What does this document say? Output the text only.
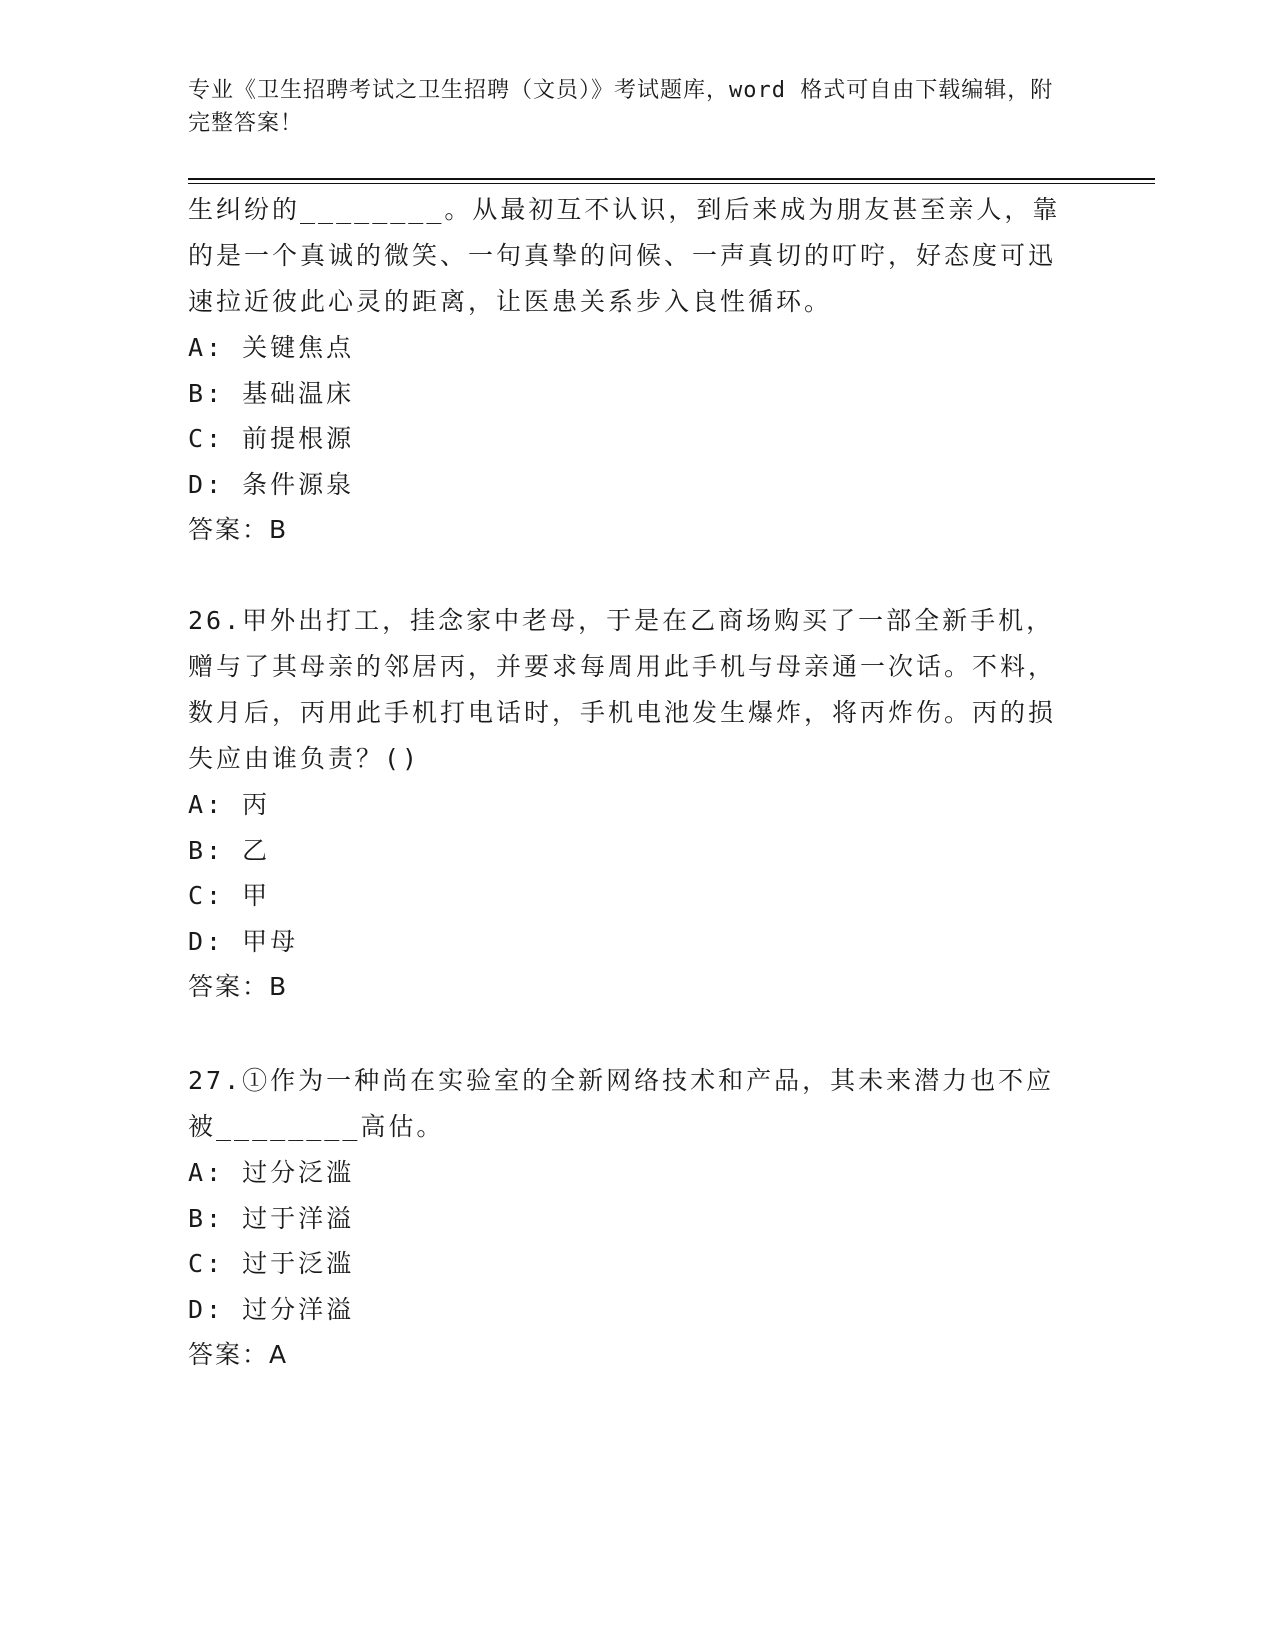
专业《卫生招聘考试之卫生招聘（文员）》考试题库，word 格式可自由下载编辑，附完整答案！

生纠纷的________。从最初互不认识，到后来成为朋友甚至亲人，靠的是一个真诚的微笑、一句真挚的问候、一声真切的叮咛，好态度可迅速拉近彼此心灵的距离，让医患关系步入良性循环。

A: 关键焦点

B: 基础温床

C: 前提根源

D: 条件源泉

答案：B

26.甲外出打工，挂念家中老母，于是在乙商场购买了一部全新手机，赠与了其母亲的邻居丙，并要求每周用此手机与母亲通一次话。不料，数月后，丙用此手机打电话时，手机电池发生爆炸，将丙炸伤。丙的损失应由谁负责？()

A: 丙

B: 乙

C: 甲

D: 甲母

答案：B

27.①作为一种尚在实验室的全新网络技术和产品，其未来潜力也不应被________高估。

A: 过分泛滥

B: 过于洋溢

C: 过于泛滥

D: 过分洋溢

答案：A
